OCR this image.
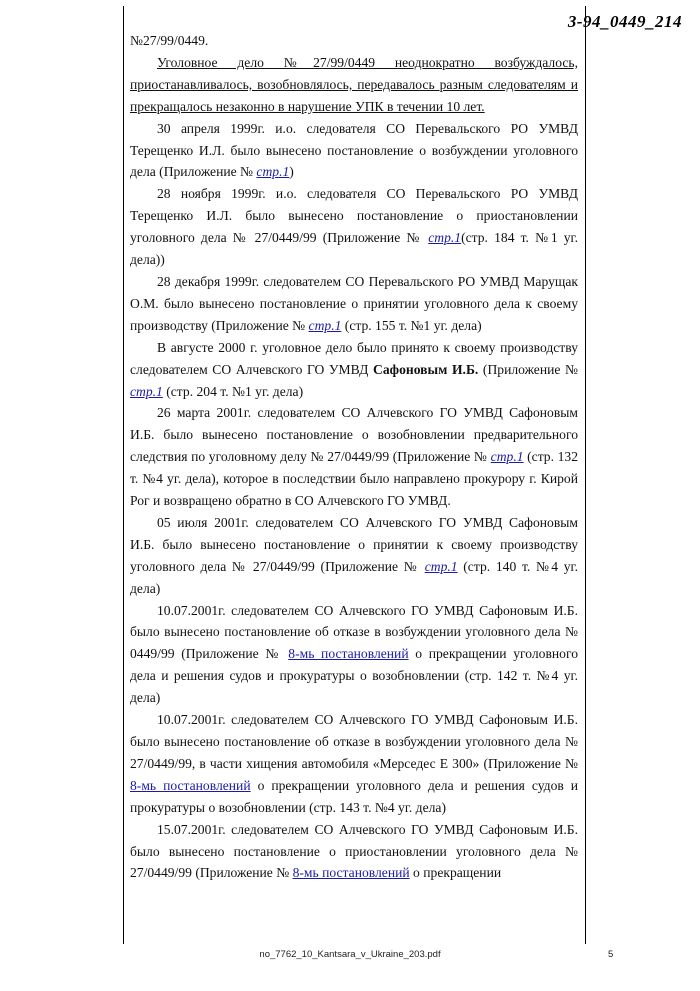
3-94_0449_214

№27/99/0449.

Уголовное дело №27/99/0449 неоднократно возбуждалось, приостанавливалось, возобновлялось, передавалось разным следователям и прекращалось незаконно в нарушение УПК в течении 10 лет.

30 апреля 1999г. и.о. следователя СО Перевальского РО УМВД Терещенко И.Л. было вынесено постановление о возбуждении уголовного дела (Приложение № стр.1)

28 ноября 1999г. и.о. следователя СО Перевальского РО УМВД Терещенко И.Л. было вынесено постановление о приостановлении уголовного дела № 27/0449/99 (Приложение № стр.1(стр. 184 т. №1 уг. дела))

28 декабря 1999г. следователем СО Перевальского РО УМВД Марущак О.М. было вынесено постановление о принятии уголовного дела к своему производству (Приложение № стр.1 (стр. 155 т. №1 уг. дела)

В августе 2000 г. уголовное дело было принято к своему производству следователем СО Алчевского ГО УМВД Сафоновым И.Б. (Приложение № стр.1 (стр. 204 т. №1 уг. дела)

26 марта 2001г. следователем СО Алчевского ГО УМВД Сафоновым И.Б. было вынесено постановление о возобновлении предварительного следствия по уголовному делу № 27/0449/99 (Приложение № стр.1 (стр. 132 т. №4 уг. дела), которое в последствии было направлено прокурору г. Кирой Рог и возвращено обратно в СО Алчевского ГО УМВД.

05 июля 2001г. следователем СО Алчевского ГО УМВД Сафоновым И.Б. было вынесено постановление о принятии к своему производству уголовного дела № 27/0449/99 (Приложение № стр.1 (стр. 140 т. №4 уг. дела)

10.07.2001г. следователем СО Алчевского ГО УМВД Сафоновым И.Б. было вынесено постановление об отказе в возбуждении уголовного дела № 0449/99 (Приложение № 8-мь постановлений о прекращении уголовного дела и решения судов и прокуратуры о возобновлении (стр. 142 т. №4 уг. дела)

10.07.2001г. следователем СО Алчевского ГО УМВД Сафоновым И.Б. было вынесено постановление об отказе в возбуждении уголовного дела № 27/0449/99, в части хищения автомобиля «Мерседес Е 300» (Приложение № 8-мь постановлений о прекращении уголовного дела и решения судов и прокуратуры о возобновлении (стр. 143 т. №4 уг. дела)

15.07.2001г. следователем СО Алчевского ГО УМВД Сафоновым И.Б. было вынесено постановление о приостановлении уголовного дела № 27/0449/99 (Приложение № 8-мь постановлений о прекращении

no_7762_10_Kantsara_v_Ukraine_203.pdf	5
